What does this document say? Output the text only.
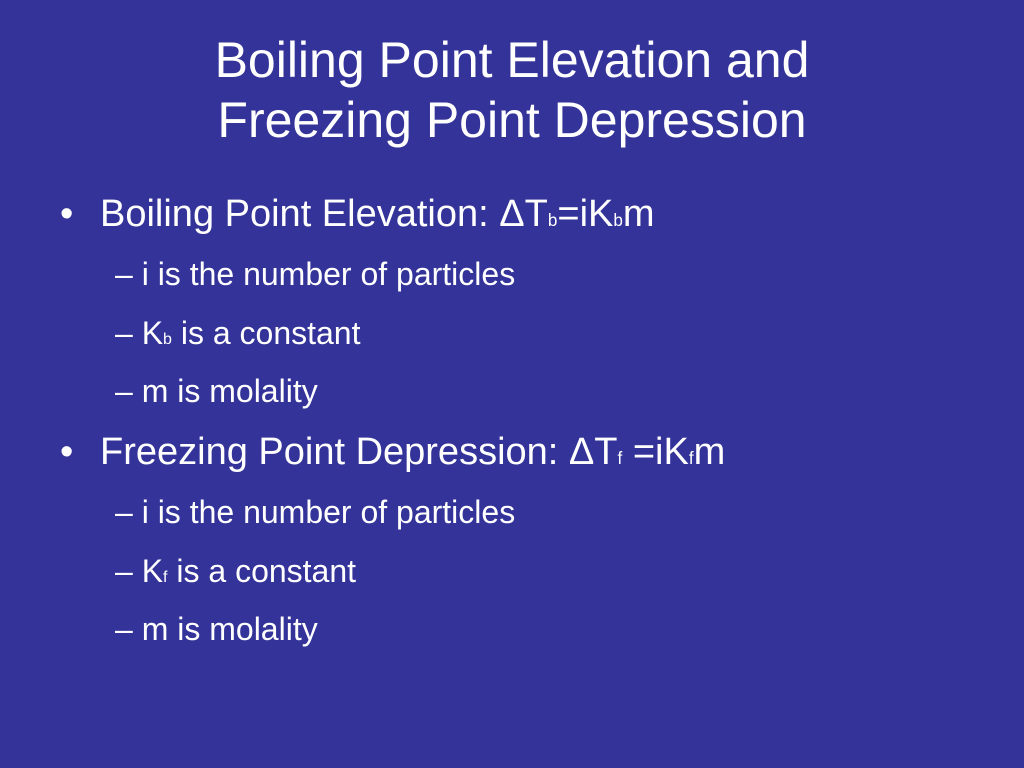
Boiling Point Elevation and
Freezing Point Depression
• Boiling Point Elevation: ΔTb=iKbm
– i is the number of particles
– Kb is a constant
– m is molality
• Freezing Point Depression: ΔTf =iKfm
– i is the number of particles
– Kf is a constant
– m is molality
